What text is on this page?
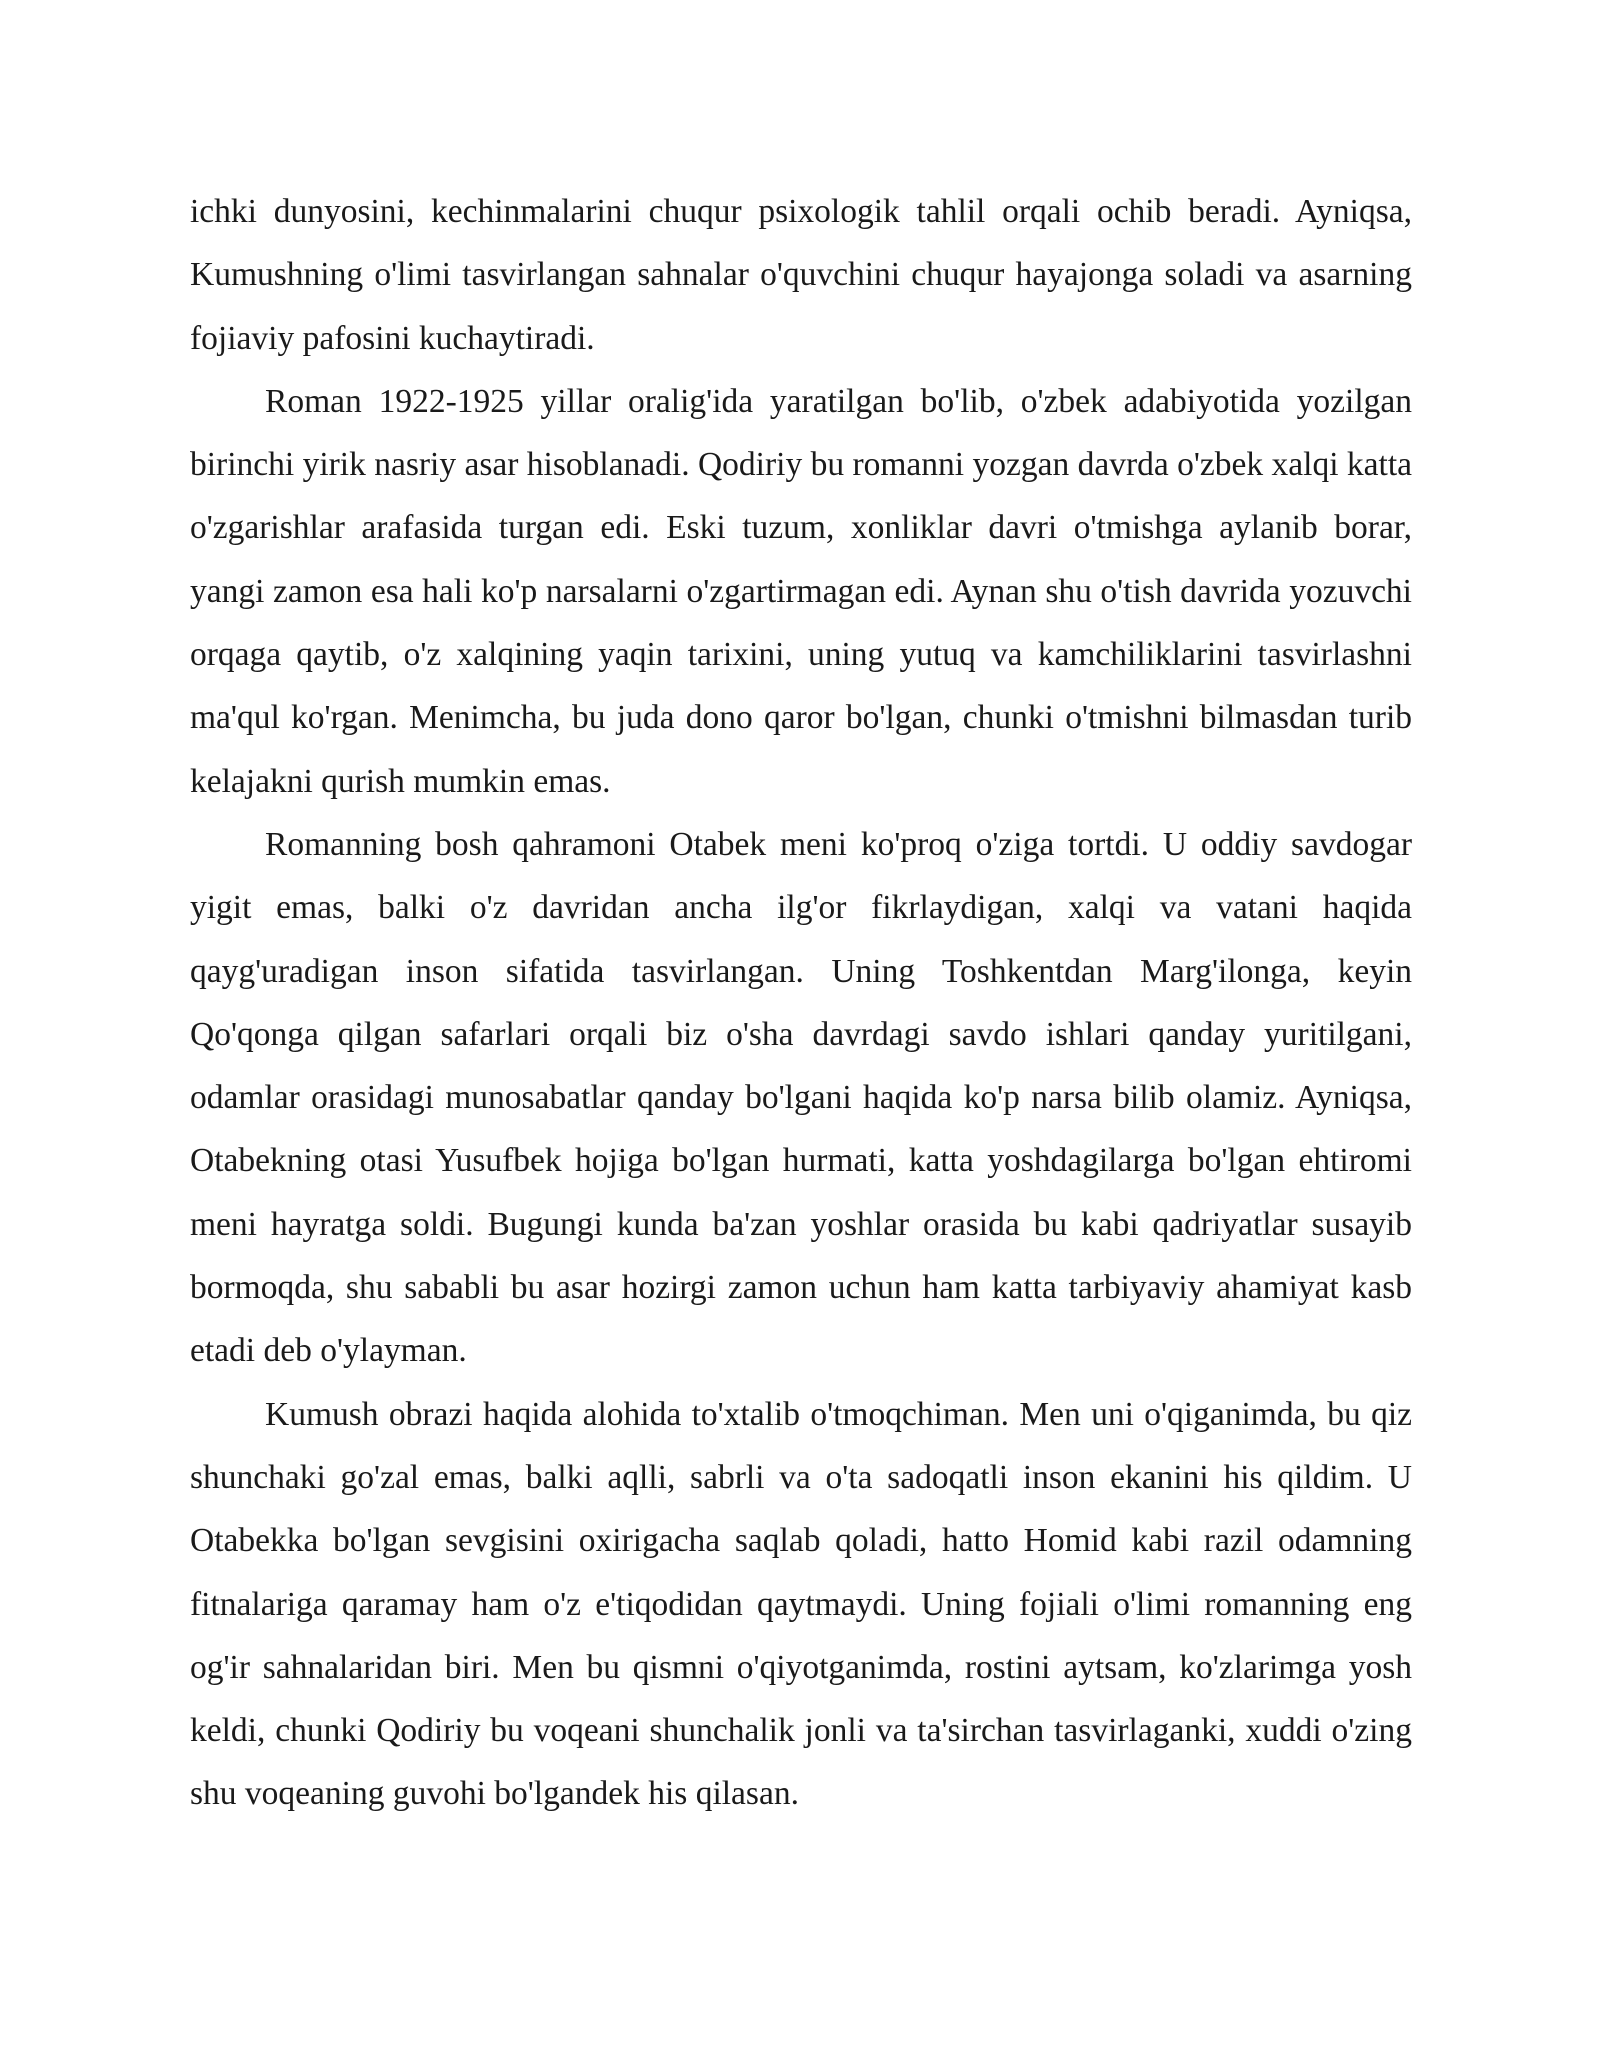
ichki dunyosini, kechinmalarini chuqur psixologik tahlil orqali ochib beradi. Ayniqsa, Kumushning o'limi tasvirlangan sahnalar o'quvchini chuqur hayajonga soladi va asarning fojiaviy pafosini kuchaytiradi.

Roman 1922-1925 yillar oralig'ida yaratilgan bo'lib, o'zbek adabiyotida yozilgan birinchi yirik nasriy asar hisoblanadi. Qodiriy bu romanni yozgan davrda o'zbek xalqi katta o'zgarishlar arafasida turgan edi. Eski tuzum, xonliklar davri o'tmishga aylanib borar, yangi zamon esa hali ko'p narsalarni o'zgartirmagan edi. Aynan shu o'tish davrida yozuvchi orqaga qaytib, o'z xalqining yaqin tarixini, uning yutuq va kamchiliklarini tasvirlashni ma'qul ko'rgan. Menimcha, bu juda dono qaror bo'lgan, chunki o'tmishni bilmasdan turib kelajakni qurish mumkin emas.

Romanning bosh qahramoni Otabek meni ko'proq o'ziga tortdi. U oddiy savdogar yigit emas, balki o'z davridan ancha ilg'or fikrlaydigan, xalqi va vatani haqida qayg'uradigan inson sifatida tasvirlangan. Uning Toshkentdan Marg'ilonga, keyin Qo'qonga qilgan safarlari orqali biz o'sha davrdagi savdo ishlari qanday yuritilgani, odamlar orasidagi munosabatlar qanday bo'lgani haqida ko'p narsa bilib olamiz. Ayniqsa, Otabekning otasi Yusufbek hojiga bo'lgan hurmati, katta yoshdagilarga bo'lgan ehtiromi meni hayratga soldi. Bugungi kunda ba'zan yoshlar orasida bu kabi qadriyatlar susayib bormoqda, shu sababli bu asar hozirgi zamon uchun ham katta tarbiyaviy ahamiyat kasb etadi deb o'ylayman.

Kumush obrazi haqida alohida to'xtalib o'tmoqchiman. Men uni o'qiganimda, bu qiz shunchaki go'zal emas, balki aqlli, sabrli va o'ta sadoqatli inson ekanini his qildim. U Otabekka bo'lgan sevgisini oxirigacha saqlab qoladi, hatto Homid kabi razil odamning fitnalariga qaramay ham o'z e'tiqodidan qaytmaydi. Uning fojiali o'limi romanning eng og'ir sahnalaridan biri. Men bu qismni o'qiyotganimda, rostini aytsam, ko'zlarimga yosh keldi, chunki Qodiriy bu voqeani shunchalik jonli va ta'sirchan tasvirlaganki, xuddi o'zing shu voqeaning guvohi bo'lgandek his qilasan.
